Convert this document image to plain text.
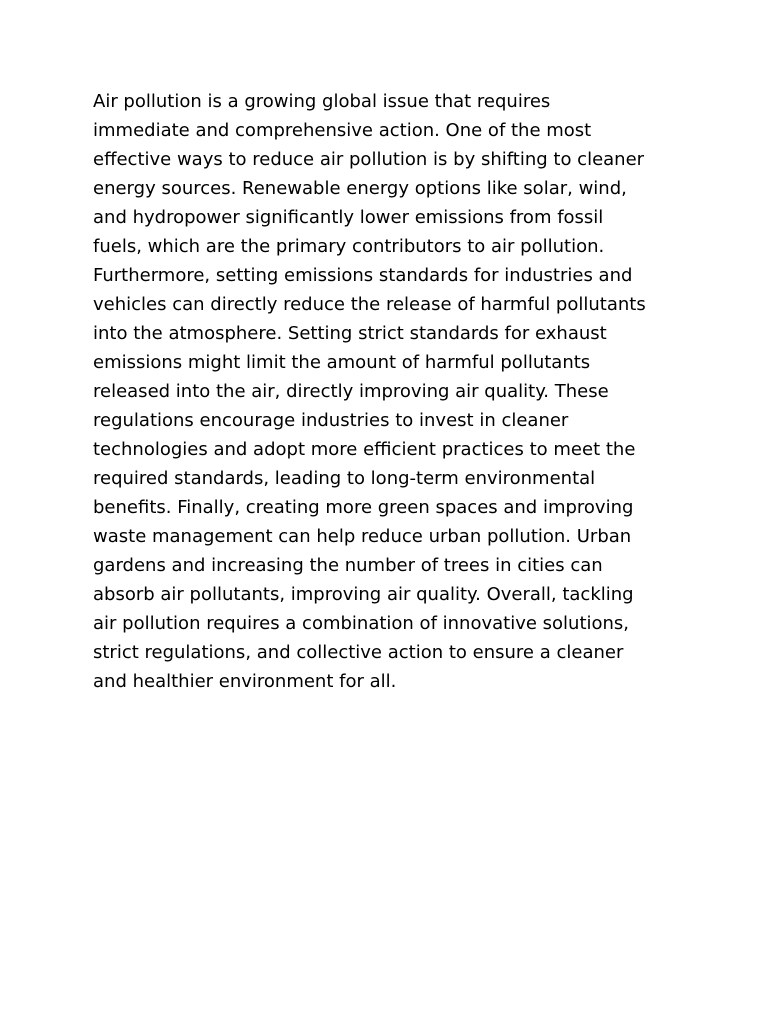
Air pollution is a growing global issue that requires
immediate and comprehensive action. One of the most
effective ways to reduce air pollution is by shifting to cleaner
energy sources. Renewable energy options like solar, wind,
and hydropower significantly lower emissions from fossil
fuels, which are the primary contributors to air pollution.
Furthermore, setting emissions standards for industries and
vehicles can directly reduce the release of harmful pollutants
into the atmosphere. Setting strict standards for exhaust
emissions might limit the amount of harmful pollutants
released into the air, directly improving air quality. These
regulations encourage industries to invest in cleaner
technologies and adopt more efficient practices to meet the
required standards, leading to long-term environmental
benefits. Finally, creating more green spaces and improving
waste management can help reduce urban pollution. Urban
gardens and increasing the number of trees in cities can
absorb air pollutants, improving air quality. Overall, tackling
air pollution requires a combination of innovative solutions,
strict regulations, and collective action to ensure a cleaner
and healthier environment for all.
